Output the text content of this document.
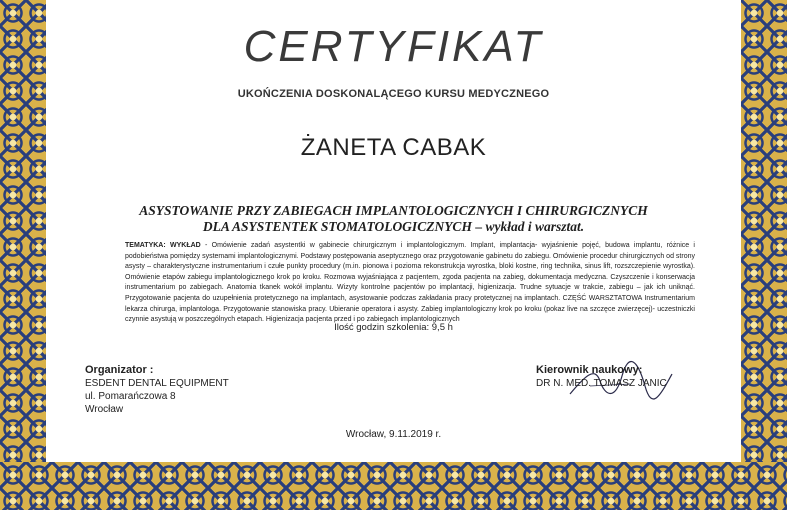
CERTYFIKAT
UKOŃCZENIA DOSKONALĄCEGO KURSU MEDYCZNEGO
ŻANETA CABAK
ASYSTOWANIE PRZY ZABIEGACH IMPLANTOLOGICZNYCH I CHIRURGICZNYCH
DLA ASYSTENTEK STOMATOLOGICZNYCH – wykład i warsztat.
TEMATYKA: WYKŁAD - Omówienie zadań asystentki w gabinecie chirurgicznym i implantologicznym. Implant, implantacja- wyjaśnienie pojęć, budowa implantu, różnice i podobieństwa pomiędzy systemami implantologicznymi. Podstawy postępowania aseptycznego oraz przygotowanie gabinetu do zabiegu. Omówienie procedur chirurgicznych od strony asysty – charakterystyczne instrumentarium i czułe punkty procedury (m.in. pionowa i pozioma rekonstrukcja wyrostka, bloki kostne, ring technika, sinus lift, rozszczepienie wyrostka). Omówienie etapów zabiegu implantologicznego krok po kroku. Rozmowa wyjaśniająca z pacjentem, zgoda pacjenta na zabieg, dokumentacja medyczna. Czyszczenie i konserwacja instrumentarium po zabiegach. Anatomia tkanek wokół implantu. Wizyty kontrolne pacjentów po implantacji, higienizacja. Trudne sytuacje w trakcie, zabiegu – jak ich uniknąć. Przygotowanie pacjenta do uzupełnienia protetycznego na implantach, asystowanie podczas zakładania pracy protetycznej na implantach. CZĘŚĆ WARSZTATOWA Instrumentarium lekarza chirurga, implantologa. Przygotowanie stanowiska pracy. Ubieranie operatora i asysty. Zabieg implantologiczny krok po kroku (pokaz live na szczęce zwierzęcej)- uczestniczki czynnie asystują w poszczególnych etapach. Higienizacja pacjenta przed i po zabiegach implantologicznych
Ilość godzin szkolenia: 9,5 h
Organizator :
ESDENT DENTAL EQUIPMENT
ul. Pomarańczowa 8
Wrocław
Kierownik naukowy:
DR N. MED. TOMASZ JANIC
Wrocław, 9.11.2019 r.
